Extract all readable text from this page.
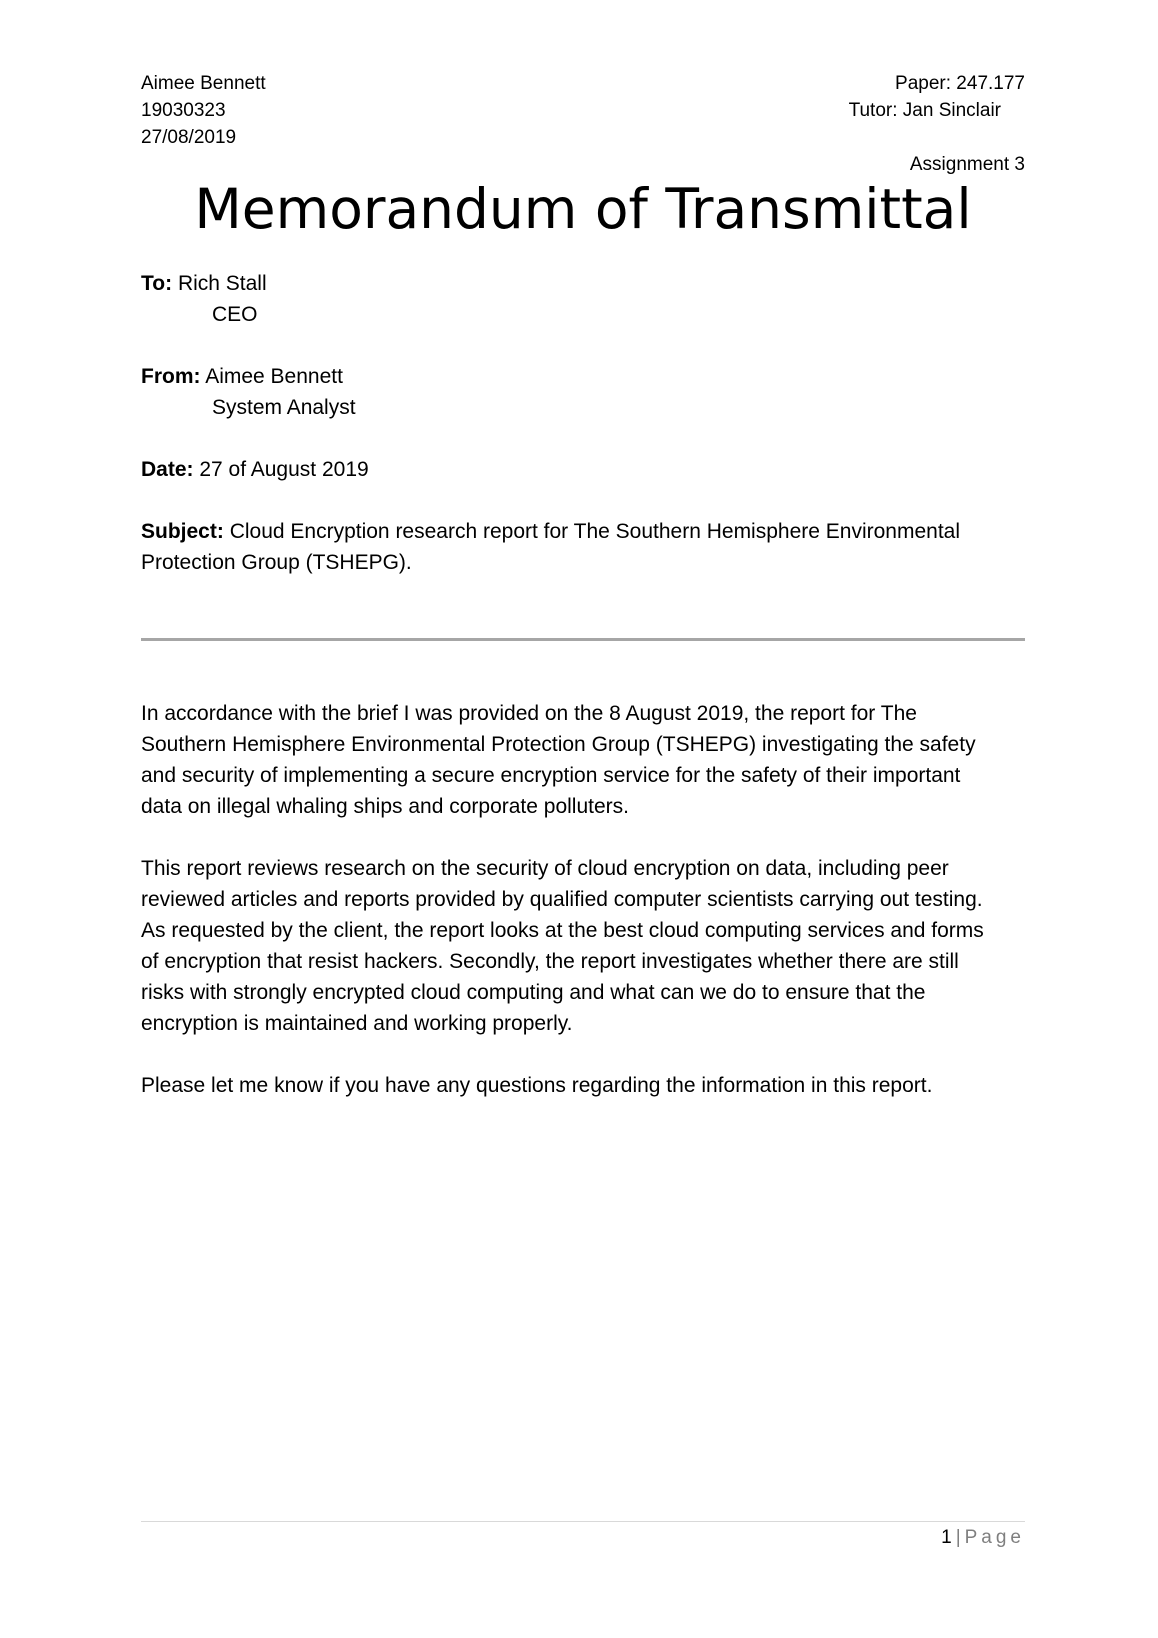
Aimee Bennett
19030323
27/08/2019
Paper: 247.177
Tutor: Jan Sinclair
Assignment 3
Memorandum of Transmittal
To: Rich Stall
CEO
From: Aimee Bennett
System Analyst
Date: 27 of August 2019
Subject: Cloud Encryption research report for The Southern Hemisphere Environmental Protection Group (TSHEPG).

In accordance with the brief I was provided on the 8 August 2019, the report for The
Southern Hemisphere Environmental Protection Group (TSHEPG) investigating the safety
and security of implementing a secure encryption service for the safety of their important
data on illegal whaling ships and corporate polluters.

This report reviews research on the security of cloud encryption on data, including peer
reviewed articles and reports provided by qualified computer scientists carrying out testing.
As requested by the client, the report looks at the best cloud computing services and forms
of encryption that resist hackers. Secondly, the report investigates whether there are still
risks with strongly encrypted cloud computing and what can we do to ensure that the
encryption is maintained and working properly.

Please let me know if you have any questions regarding the information in this report.

1 | Page
